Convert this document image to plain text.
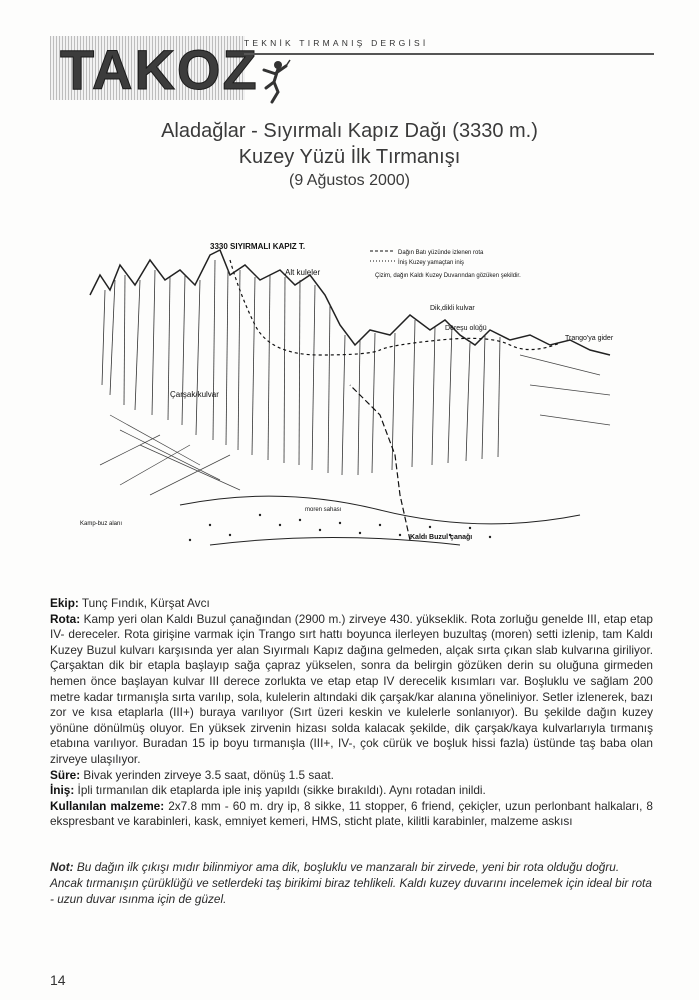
TAKOZ
TEKNİK TIRMANIŞ DERGİSİ
Aladağlar - Sıyırmalı Kapız Dağı (3330 m.)
Kuzey Yüzü İlk Tırmanışı
(9 Ağustos 2000)
3330 SIYIRMALI KAPIZ T.
Alt kuleler
Çarşak/kulvar
Dik,dikli kulvar
Dereşu olüğü
Trango'ya gider
Kamp-buz alanı
moren sahası
Kaldı Buzul çanağı
Dağın Batı yüzünde izlenen rota
İniş Kuzey yamaçtan iniş
Çizim, dağın Kaldı Kuzey Duvarından gözüken şekildir.

Ekip: Tunç Fındık, Kürşat Avcı

Rota: Kamp yeri olan Kaldı Buzul çanağından (2900 m.) zirveye 430. yükseklik. Rota zorluğu genelde III, etap etap IV- dereceler. Rota girişine varmak için Trango sırt hattı boyunca ilerleyen buzultaş (moren) setti izlenip, tam Kaldı Kuzey Buzul kulvarı karşısında yer alan Sıyırmalı Kapız dağına gelmeden, alçak sırta çıkan slab kulvarına giriliyor. Çarşaktan dik bir etapla başlayıp sağa çapraz yükselen, sonra da belirgin gözüken derin su oluğuna girmeden hemen önce başlayan kulvar III derece zorlukta ve etap etap IV derecelik kısımları var. Boşluklu ve sağlam 200 metre kadar tırmanışla sırta varılıp, sola, kulelerin altındaki dik çarşak/kar alanına yöneliniyor. Setler izlenerek, bazı zor ve kısa etaplarla (III+) buraya varılıyor (Sırt üzeri keskin ve kulelerle sonlanıyor). Bu şekilde dağın kuzey yönüne dönülmüş oluyor. En yüksek zirvenin hizası solda kalacak şekilde, dik çarşak/kaya kulvarlarıyla tırmanış etabına varılıyor. Buradan 15 ip boyu tırmanışla (III+, IV-, çok cürük ve boşluk hissi fazla) üstünde taş baba olan zirveye ulaşılıyor.

Süre: Bivak yerinden zirveye 3.5 saat, dönüş 1.5 saat.

İniş: İpli tırmanılan dik etaplarda iple iniş yapıldı (sikke bırakıldı). Aynı rotadan inildi.

Kullanılan malzeme: 2x7.8 mm - 60 m. dry ip, 8 sikke, 11 stopper, 6 friend, çekiçler, uzun perlonbant halkaları, 8 ekspresbant ve karabinleri, kask, emniyet kemeri, HMS, sticht plate, kilitli karabinler, malzeme askısı

Not: Bu dağın ilk çıkışı mıdır bilinmiyor ama dik, boşluklu ve manzaralı bir zirvede, yeni bir rota olduğu doğru. Ancak tırmanışın çürüklüğü ve setlerdeki taş birikimi biraz tehlikeli. Kaldı kuzey duvarını incelemek için ideal bir rota - uzun duvar ısınma için de güzel.
14
